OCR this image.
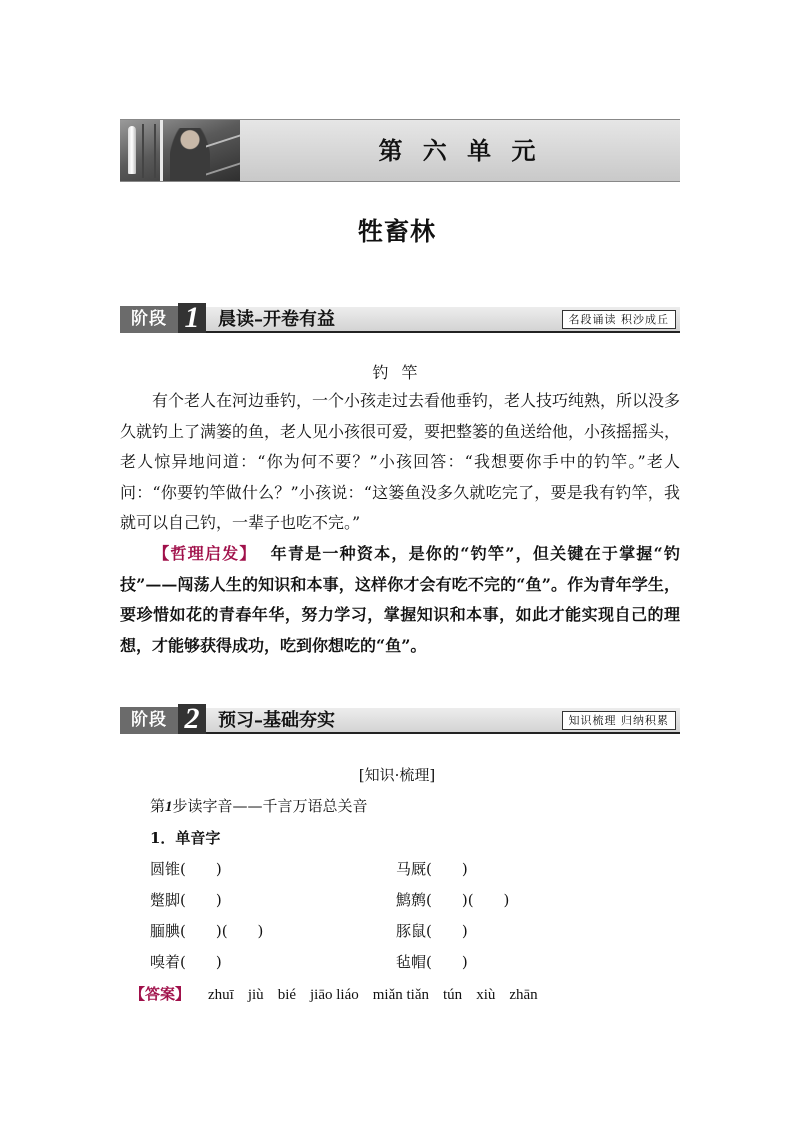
第 六 单 元
牲畜林
阶段 1	晨读–开卷有益	名段诵读 积沙成丘
钓 竿
有个老人在河边垂钓，一个小孩走过去看他垂钓，老人技巧纯熟，所以没多久就钓上了满篓的鱼，老人见小孩很可爱，要把整篓的鱼送给他，小孩摇摇头，老人惊异地问道：“你为何不要？”小孩回答：“我想要你手中的钓竿。”老人问：“你要钓竿做什么？”小孩说：“这篓鱼没多久就吃完了，要是我有钓竿，我就可以自己钓，一辈子也吃不完。”
【哲理启发】 年青是一种资本，是你的“钓竿”，但关键在于掌握“钓技”——闯荡人生的知识和本事，这样你才会有吃不完的“鱼”。作为青年学生，要珍惜如花的青春年华，努力学习，掌握知识和本事，如此才能实现自己的理想，才能够获得成功，吃到你想吃的“鱼”。
阶段 2	预习–基础夯实	知识梳理 归纳积累
[知识·梳理]
第1步读字音——千言万语总关音
1．单音字
圆锥(　　)	马厩(　　)
蹩脚(　　)	鹪鹩(　　)(　　)
腼腆(　　)(　　)	豚鼠(　　)
嗅着(　　)	毡帽(　　)
【答案】 zhuī jiù bié jiāo liáo miǎn tiǎn tún xiù zhān
